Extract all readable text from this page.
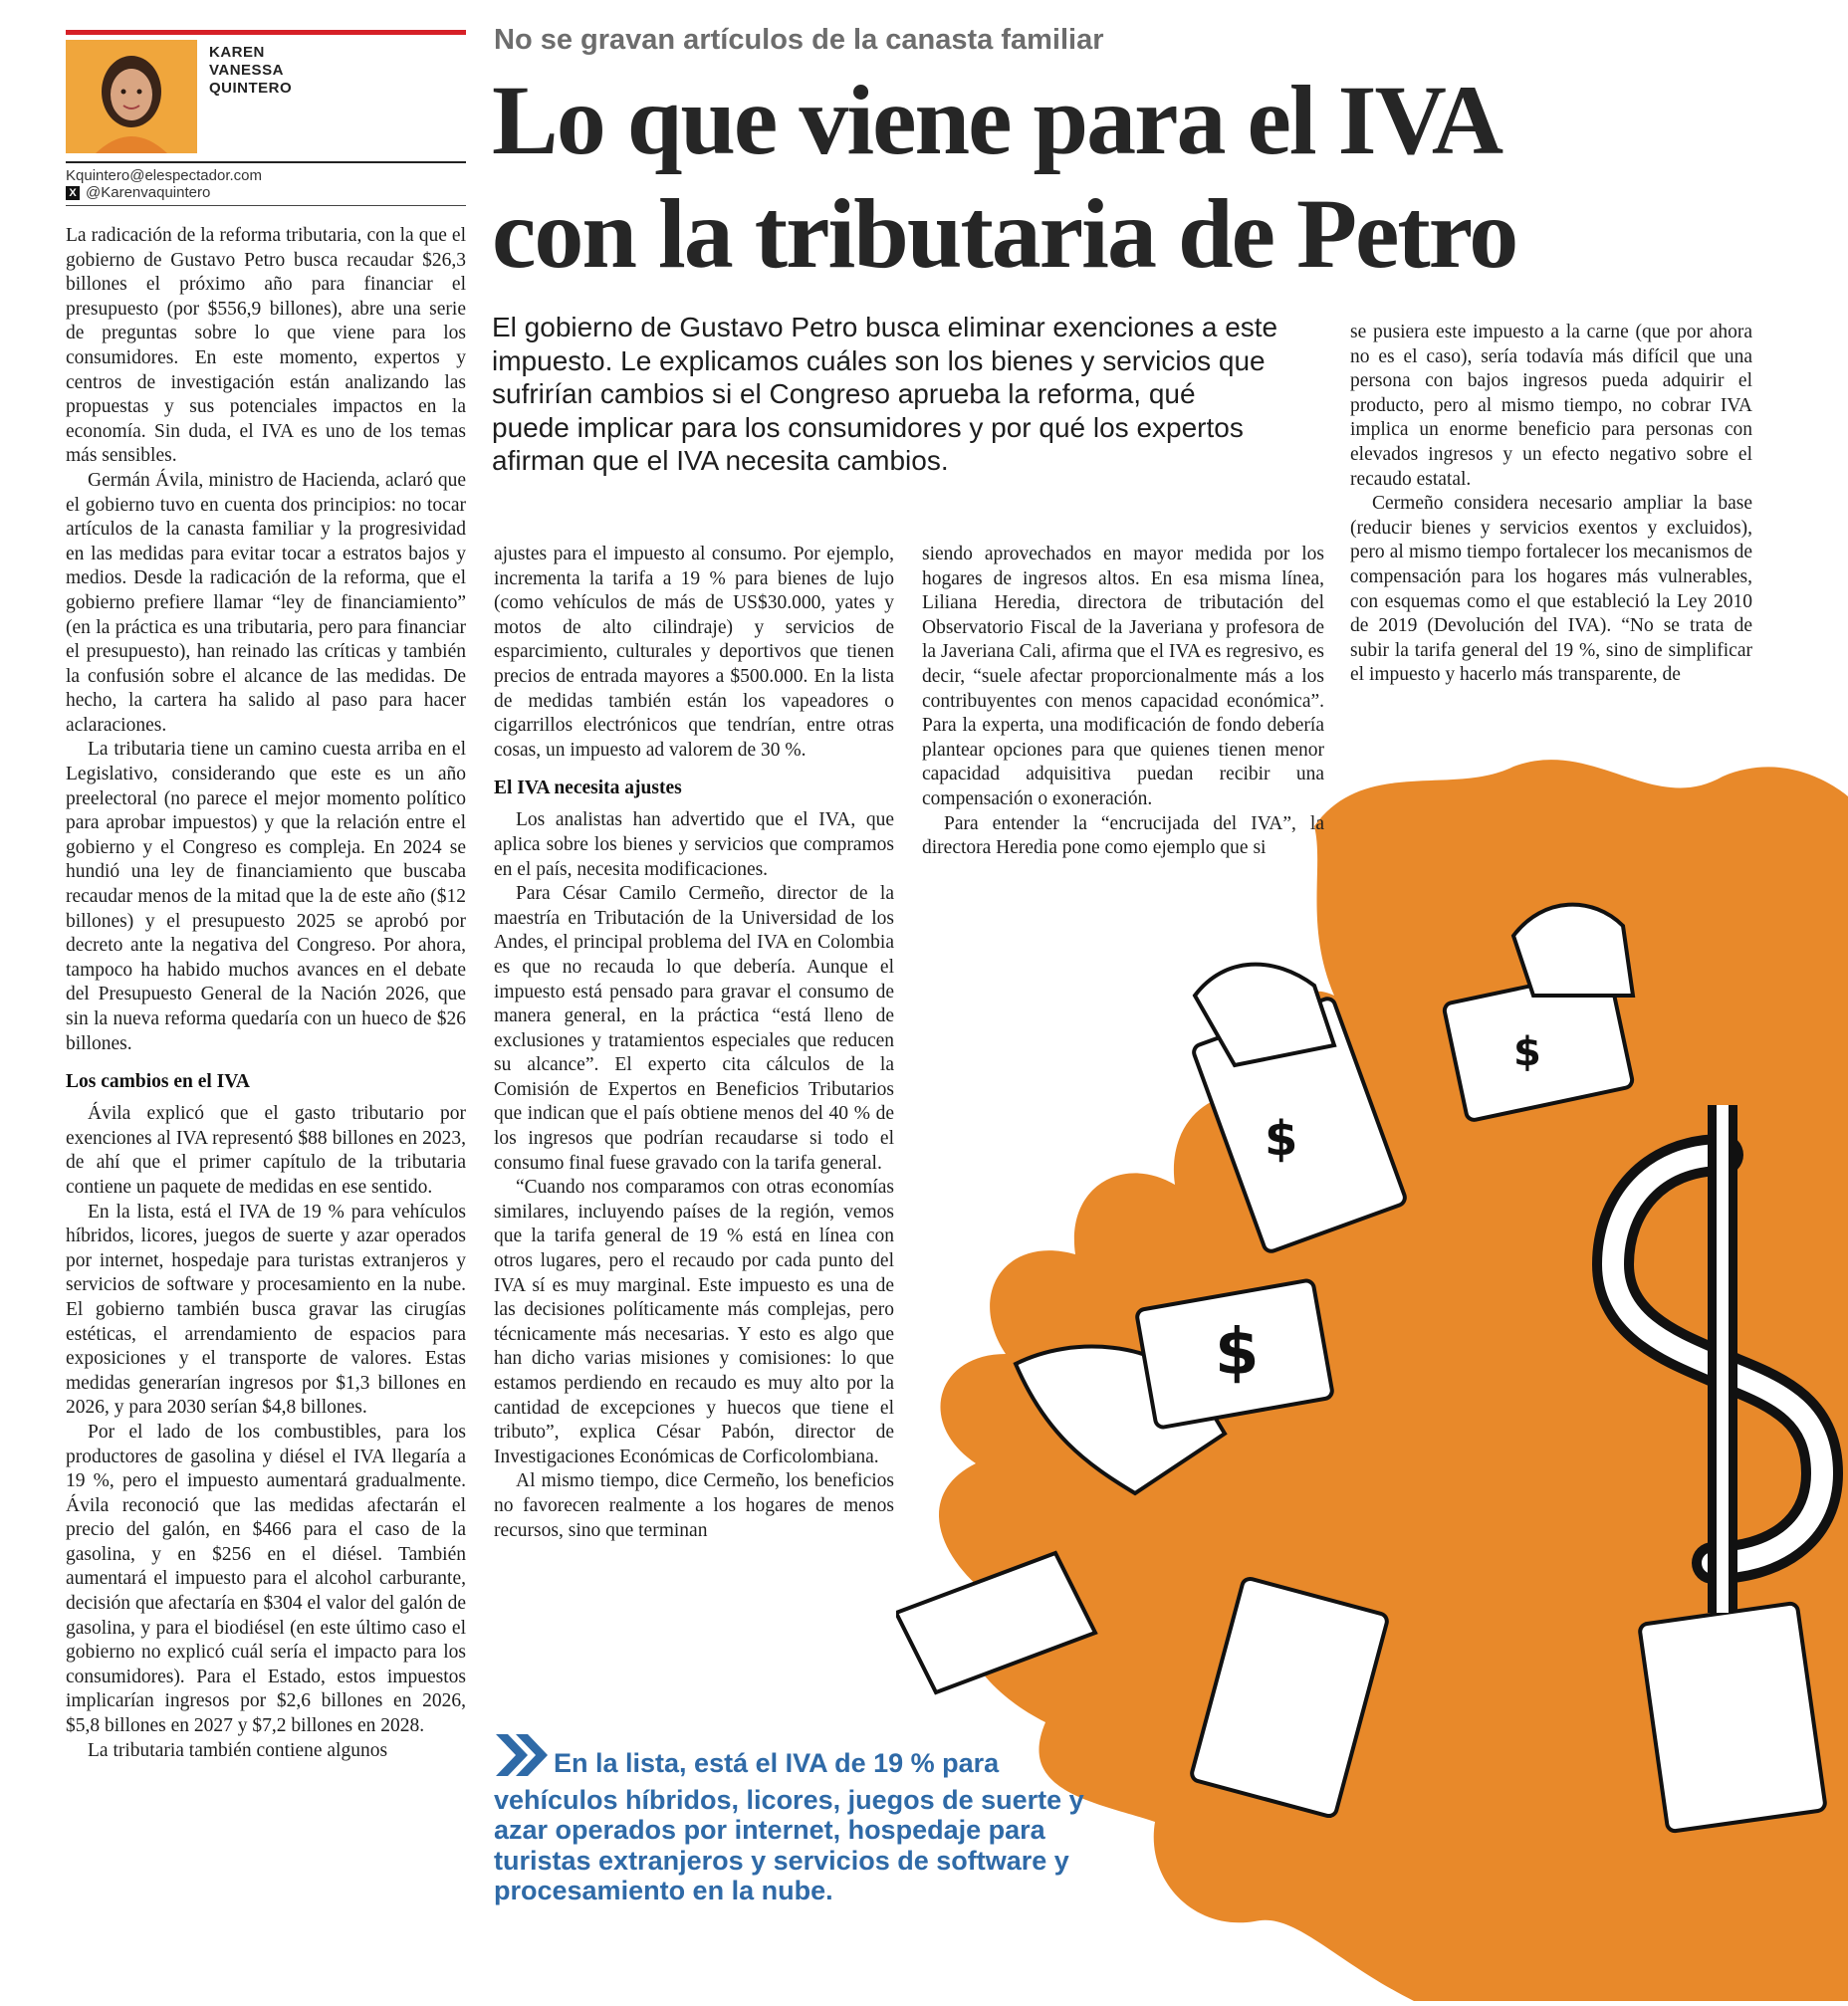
KAREN
VANESSA
QUINTERO
Kquintero@elespectador.com
X @Karenvaquintero
No se gravan artículos de la canasta familiar
Lo que viene para el IVA
con la tributaria de Petro
El gobierno de Gustavo Petro busca eliminar exenciones a este impuesto. Le explicamos cuáles son los bienes y servicios que sufrirían cambios si el Congreso aprueba la reforma, qué puede implicar para los consumidores y por qué los expertos afirman que el IVA necesita cambios.

La radicación de la reforma tributaria, con la que el gobierno de Gustavo Petro busca recaudar $26,3 billones el próximo año para financiar el presupuesto (por $556,9 billones), abre una serie de preguntas sobre lo que viene para los consumidores. En este momento, expertos y centros de investigación están analizando las propuestas y sus potenciales impactos en la economía. Sin duda, el IVA es uno de los temas más sensibles.

Germán Ávila, ministro de Hacienda, aclaró que el gobierno tuvo en cuenta dos principios: no tocar artículos de la canasta familiar y la progresividad en las medidas para evitar tocar a estratos bajos y medios. Desde la radicación de la reforma, que el gobierno prefiere llamar “ley de financiamiento” (en la práctica es una tributaria, pero para financiar el presupuesto), han reinado las críticas y también la confusión sobre el alcance de las medidas. De hecho, la cartera ha salido al paso para hacer aclaraciones.

La tributaria tiene un camino cuesta arriba en el Legislativo, considerando que este es un año preelectoral (no parece el mejor momento político para aprobar impuestos) y que la relación entre el gobierno y el Congreso es compleja. En 2024 se hundió una ley de financiamiento que buscaba recaudar menos de la mitad que la de este año ($12 billones) y el presupuesto 2025 se aprobó por decreto ante la negativa del Congreso. Por ahora, tampoco ha habido muchos avances en el debate del Presupuesto General de la Nación 2026, que sin la nueva reforma quedaría con un hueco de $26 billones.

Los cambios en el IVA

Ávila explicó que el gasto tributario por exenciones al IVA representó $88 billones en 2023, de ahí que el primer capítulo de la tributaria contiene un paquete de medidas en ese sentido.

En la lista, está el IVA de 19 % para vehículos híbridos, licores, juegos de suerte y azar operados por internet, hospedaje para turistas extranjeros y servicios de software y procesamiento en la nube. El gobierno también busca gravar las cirugías estéticas, el arrendamiento de espacios para exposiciones y el transporte de valores. Estas medidas generarían ingresos por $1,3 billones en 2026, y para 2030 serían $4,8 billones.

Por el lado de los combustibles, para los productores de gasolina y diésel el IVA llegaría a 19 %, pero el impuesto aumentará gradualmente. Ávila reconoció que las medidas afectarán el precio del galón, en $466 para el caso de la gasolina, y en $256 en el diésel. También aumentará el impuesto para el alcohol carburante, decisión que afectaría en $304 el valor del galón de gasolina, y para el biodiésel (en este último caso el gobierno no explicó cuál sería el impacto para los consumidores). Para el Estado, estos impuestos implicarían ingresos por $2,6 billones en 2026, $5,8 billones en 2027 y $7,2 billones en 2028.

La tributaria también contiene algunos

$
$
$

ajustes para el impuesto al consumo. Por ejemplo, incrementa la tarifa a 19 % para bienes de lujo (como vehículos de más de US$30.000, yates y motos de alto cilindraje) y servicios de esparcimiento, culturales y deportivos que tienen precios de entrada mayores a $500.000. En la lista de medidas también están los vapeadores o cigarrillos electrónicos que tendrían, entre otras cosas, un impuesto ad valorem de 30 %.

El IVA necesita ajustes

Los analistas han advertido que el IVA, que aplica sobre los bienes y servicios que compramos en el país, necesita modificaciones.

Para César Camilo Cermeño, director de la maestría en Tributación de la Universidad de los Andes, el principal problema del IVA en Colombia es que no recauda lo que debería. Aunque el impuesto está pensado para gravar el consumo de manera general, en la práctica “está lleno de exclusiones y tratamientos especiales que reducen su alcance”. El experto cita cálculos de la Comisión de Expertos en Beneficios Tributarios que indican que el país obtiene menos del 40 % de los ingresos que podrían recaudarse si todo el consumo final fuese gravado con la tarifa general.

“Cuando nos comparamos con otras economías similares, incluyendo países de la región, vemos que la tarifa general de 19 % está en línea con otros lugares, pero el recaudo por cada punto del IVA sí es muy marginal. Este impuesto es una de las decisiones políticamente más complejas, pero técnicamente más necesarias. Y esto es algo que han dicho varias misiones y comisiones: lo que estamos perdiendo en recaudo es muy alto por la cantidad de excepciones y huecos que tiene el tributo”, explica César Pabón, director de Investigaciones Económicas de Corficolombiana.

Al mismo tiempo, dice Cermeño, los beneficios no favorecen realmente a los hogares de menos recursos, sino que terminan

siendo aprovechados en mayor medida por los hogares de ingresos altos. En esa misma línea, Liliana Heredia, directora de tributación del Observatorio Fiscal de la Javeriana y profesora de la Javeriana Cali, afirma que el IVA es regresivo, es decir, “suele afectar proporcionalmente más a los contribuyentes con menos capacidad económica”. Para la experta, una modificación de fondo debería plantear opciones para que quienes tienen menor capacidad adquisitiva puedan recibir una compensación o exoneración.

Para entender la “encrucijada del IVA”, la directora Heredia pone como ejemplo que si

se pusiera este impuesto a la carne (que por ahora no es el caso), sería todavía más difícil que una persona con bajos ingresos pueda adquirir el producto, pero al mismo tiempo, no cobrar IVA implica un enorme beneficio para personas con elevados ingresos y un efecto negativo sobre el recaudo estatal.

Cermeño considera necesario ampliar la base (reducir bienes y servicios exentos y excluidos), pero al mismo tiempo fortalecer los mecanismos de compensación para los hogares más vulnerables, con esquemas como el que estableció la Ley 2010 de 2019 (Devolución del IVA). “No se trata de subir la tarifa general del 19 %, sino de simplificar el impuesto y hacerlo más transparente, de

En la lista, está el IVA de 19 % para vehículos híbridos, licores, juegos de suerte y azar operados por internet, hospedaje para turistas extranjeros y servicios de software y procesamiento en la nube.
